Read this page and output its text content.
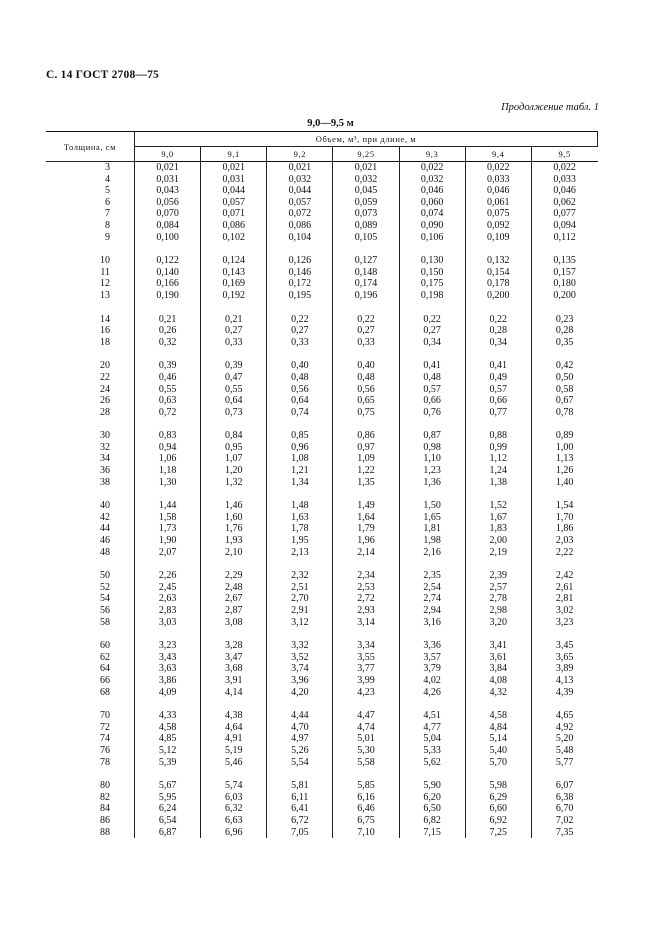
С. 14 ГОСТ 2708—75
Продолжение табл. 1
9,0—9,5 м
Толщина, см	Объем, м³, при длине, м						
	9,0	9,1	9,2	9,25	9,3	9,4	9,5
3	0,021	0,021	0,021	0,021	0,022	0,022	0,022
4	0,031	0,031	0,032	0,032	0,032	0,033	0,033
5	0,043	0,044	0,044	0,045	0,046	0,046	0,046
6	0,056	0,057	0,057	0,059	0,060	0,061	0,062
7	0,070	0,071	0,072	0,073	0,074	0,075	0,077
8	0,084	0,086	0,086	0,089	0,090	0,092	0,094
9	0,100	0,102	0,104	0,105	0,106	0,109	0,112

10	0,122	0,124	0,126	0,127	0,130	0,132	0,135
11	0,140	0,143	0,146	0,148	0,150	0,154	0,157
12	0,166	0,169	0,172	0,174	0,175	0,178	0,180
13	0,190	0,192	0,195	0,196	0,198	0,200	0,200

14	0,21	0,21	0,22	0,22	0,22	0,22	0,23
16	0,26	0,27	0,27	0,27	0,27	0,28	0,28
18	0,32	0,33	0,33	0,33	0,34	0,34	0,35

20	0,39	0,39	0,40	0,40	0,41	0,41	0,42
22	0,46	0,47	0,48	0,48	0,48	0,49	0,50
24	0,55	0,55	0,56	0,56	0,57	0,57	0,58
26	0,63	0,64	0,64	0,65	0,66	0,66	0,67
28	0,72	0,73	0,74	0,75	0,76	0,77	0,78

30	0,83	0,84	0,85	0,86	0,87	0,88	0,89
32	0,94	0,95	0,96	0,97	0,98	0,99	1,00
34	1,06	1,07	1,08	1,09	1,10	1,12	1,13
36	1,18	1,20	1,21	1,22	1,23	1,24	1,26
38	1,30	1,32	1,34	1,35	1,36	1,38	1,40

40	1,44	1,46	1,48	1,49	1,50	1,52	1,54
42	1,58	1,60	1,63	1,64	1,65	1,67	1,70
44	1,73	1,76	1,78	1,79	1,81	1,83	1,86
46	1,90	1,93	1,95	1,96	1,98	2,00	2,03
48	2,07	2,10	2,13	2,14	2,16	2,19	2,22

50	2,26	2,29	2,32	2,34	2,35	2,39	2,42
52	2,45	2,48	2,51	2,53	2,54	2,57	2,61
54	2,63	2,67	2,70	2,72	2,74	2,78	2,81
56	2,83	2,87	2,91	2,93	2,94	2,98	3,02
58	3,03	3,08	3,12	3,14	3,16	3,20	3,23

60	3,23	3,28	3,32	3,34	3,36	3,41	3,45
62	3,43	3,47	3,52	3,55	3,57	3,61	3,65
64	3,63	3,68	3,74	3,77	3,79	3,84	3,89
66	3,86	3,91	3,96	3,99	4,02	4,08	4,13
68	4,09	4,14	4,20	4,23	4,26	4,32	4,39

70	4,33	4,38	4,44	4,47	4,51	4,58	4,65
72	4,58	4,64	4,70	4,74	4,77	4,84	4,92
74	4,85	4,91	4,97	5,01	5,04	5,14	5,20
76	5,12	5,19	5,26	5,30	5,33	5,40	5,48
78	5,39	5,46	5,54	5,58	5,62	5,70	5,77

80	5,67	5,74	5,81	5,85	5,90	5,98	6,07
82	5,95	6,03	6,11	6,16	6,20	6,29	6,38
84	6,24	6,32	6,41	6,46	6,50	6,60	6,70
86	6,54	6,63	6,72	6,75	6,82	6,92	7,02
88	6,87	6,96	7,05	7,10	7,15	7,25	7,35
